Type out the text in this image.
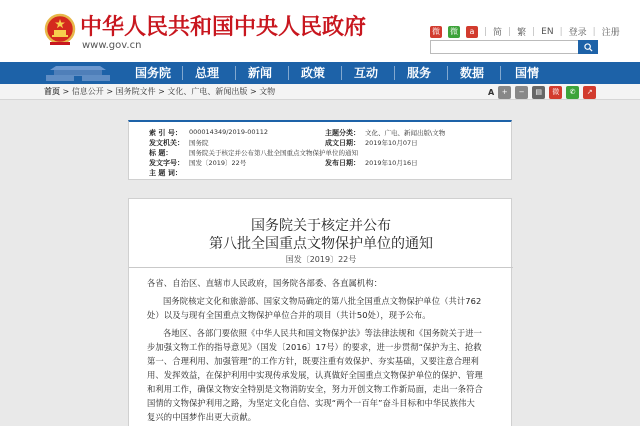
中华人民共和国中央人民政府
www.gov.cn
微 微	a	| 简 | 繁 | EN | 登录 | 注册
国务院	总理	新闻	政策	互动	服务	数据	国情
首页 > 信息公开 > 国务院文件 > 文化、广电、新闻出版 > 文物	A	+	−	▤	微	✆	↗
索 引 号： 000014349/2019-00112	主题分类： 文化、广电、新闻出版\文物
发文机关： 国务院	成文日期： 2019年10月07日
标 题：	国务院关于核定并公布第八批全国重点文物保护单位的通知
发文字号： 国发〔2019〕22号	发布日期： 2019年10月16日
主 题 词：
国务院关于核定并公布
第八批全国重点文物保护单位的通知
国发〔2019〕22号
各省、自治区、直辖市人民政府，国务院各部委、各直属机构：
国务院核定文化和旅游部、国家文物局确定的第八批全国重点文物保护单位（共计762
处）以及与现有全国重点文物保护单位合并的项目（共计50处），现予公布。
各地区、各部门要依照《中华人民共和国文物保护法》等法律法规和《国务院关于进一
步加强文物工作的指导意见》（国发〔2016〕17号）的要求，进一步贯彻“保护为主、抢救
第一、合理利用、加强管理”的工作方针，既要注重有效保护、夯实基础，又要注意合理利
用、发挥效益，在保护利用中实现传承发展，认真做好全国重点文物保护单位的保护、管理
和利用工作，确保文物安全特别是文物消防安全，努力开创文物工作新局面，走出一条符合
国情的文物保护利用之路，为坚定文化自信、实现“两个一百年”奋斗目标和中华民族伟大
复兴的中国梦作出更大贡献。
